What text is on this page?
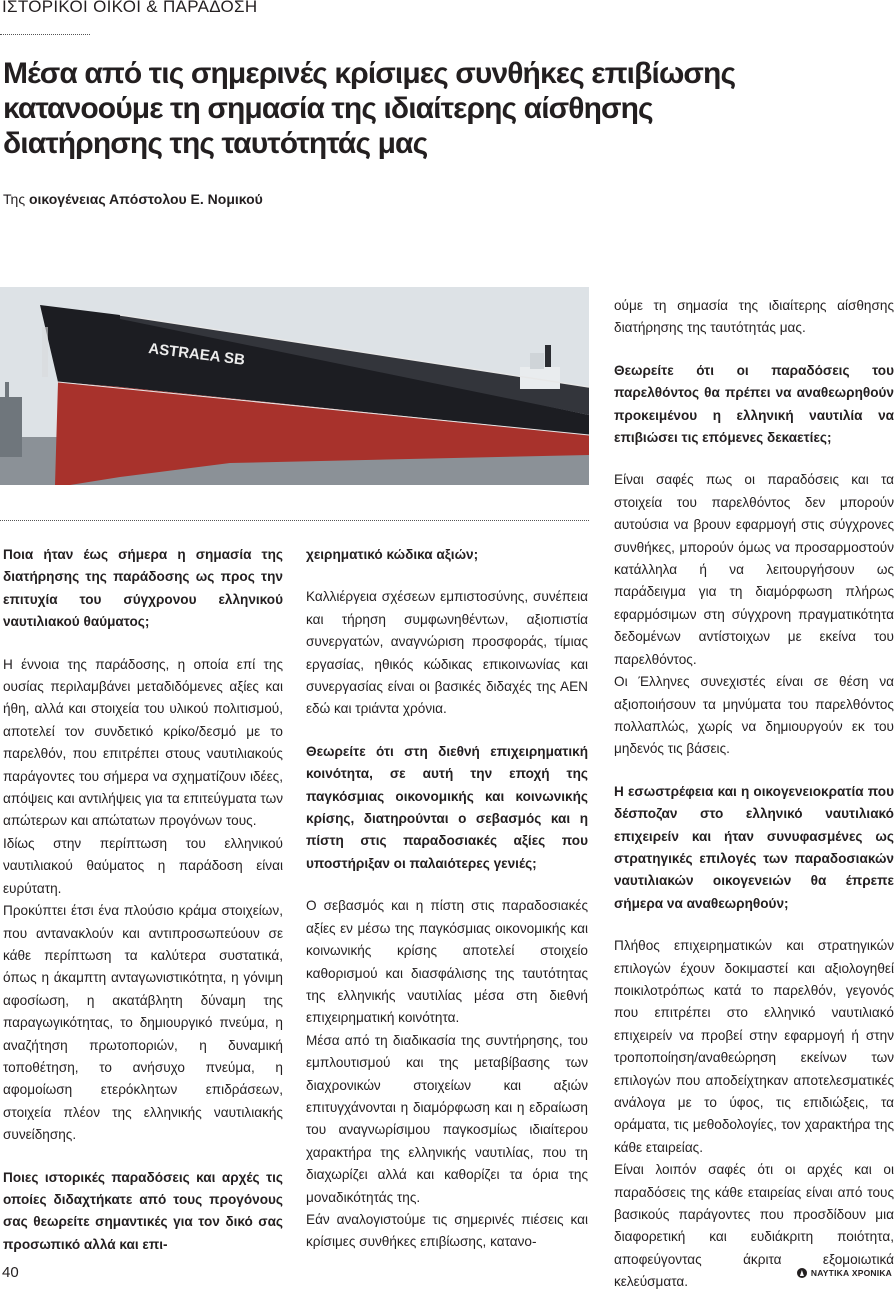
ΙΣΤΟΡΙΚΟΙ ΟΙΚΟΙ & ΠΑΡΑΔΟΣΗ
Μέσα από τις σημερινές κρίσιμες συνθήκες επιβίωσης
κατανοούμε τη σημασία της ιδιαίτερης αίσθησης
διατήρησης της ταυτότητάς μας
Της οικογένειας Απόστολου Ε. Νομικού
ASTRAEA SB

Ποια ήταν έως σήμερα η σημασία της διατήρησης της παράδοσης ως προς την επιτυχία του σύγχρονου ελληνικού ναυτιλιακού θαύματος;

Η έννοια της παράδοσης, η οποία επί της ουσίας περιλαμβάνει μεταδιδόμενες αξίες και ήθη, αλλά και στοιχεία του υλικού πολιτισμού, αποτελεί τον συνδετικό κρίκο/δεσμό με το παρελθόν, που επιτρέπει στους ναυτιλιακούς παράγοντες του σήμερα να σχηματίζουν ιδέες, απόψεις και αντιλήψεις για τα επιτεύγματα των απώτερων και απώτατων προγόνων τους.

Ιδίως στην περίπτωση του ελληνικού ναυτιλιακού θαύματος η παράδοση είναι ευρύτατη.

Προκύπτει έτσι ένα πλούσιο κράμα στοιχείων, που αντανακλούν και αντιπροσωπεύουν σε κάθε περίπτωση τα καλύτερα συστατικά, όπως η άκαμπτη ανταγωνιστικότητα, η γόνιμη αφοσίωση, η ακατάβλητη δύναμη της παραγωγικότητας, το δημιουργικό πνεύμα, η αναζήτηση πρωτοποριών, η δυναμική τοποθέτηση, το ανήσυχο πνεύμα, η αφομοίωση ετερόκλητων επιδράσεων, στοιχεία πλέον της ελληνικής ναυτιλιακής συνείδησης.

Ποιες ιστορικές παραδόσεις και αρχές τις οποίες διδαχτήκατε από τους προγόνους σας θεωρείτε σημαντικές για τον δικό σας προσωπικό αλλά και επι-

χειρηματικό κώδικα αξιών;

Καλλιέργεια σχέσεων εμπιστοσύνης, συνέπεια και τήρηση συμφωνηθέντων, αξιοπιστία συνεργατών, αναγνώριση προσφοράς, τίμιας εργασίας, ηθικός κώδικας επικοινωνίας και συνεργασίας είναι οι βασικές διδαχές της ΑΕΝ εδώ και τριάντα χρόνια.

Θεωρείτε ότι στη διεθνή επιχειρηματική κοινότητα, σε αυτή την εποχή της παγκόσμιας οικονομικής και κοινωνικής κρίσης, διατηρούνται ο σεβασμός και η πίστη στις παραδοσιακές αξίες που υποστήριξαν οι παλαιότερες γενιές;

Ο σεβασμός και η πίστη στις παραδοσιακές αξίες εν μέσω της παγκόσμιας οικονομικής και κοινωνικής κρίσης αποτελεί στοιχείο καθορισμού και διασφάλισης της ταυτότητας της ελληνικής ναυτιλίας μέσα στη διεθνή επιχειρηματική κοινότητα.

Μέσα από τη διαδικασία της συντήρησης, του εμπλουτισμού και της μεταβίβασης των διαχρονικών στοιχείων και αξιών επιτυγχάνονται η διαμόρφωση και η εδραίωση του αναγνωρίσιμου παγκοσμίως ιδιαίτερου χαρακτήρα της ελληνικής ναυτιλίας, που τη διαχωρίζει αλλά και καθορίζει τα όρια της μοναδικότητάς της.

Εάν αναλογιστούμε τις σημερινές πιέσεις και κρίσιμες συνθήκες επιβίωσης, κατανο-

ούμε τη σημασία της ιδιαίτερης αίσθησης διατήρησης της ταυτότητάς μας.

Θεωρείτε ότι οι παραδόσεις του παρελθόντος θα πρέπει να αναθεωρηθούν προκειμένου η ελληνική ναυτιλία να επιβιώσει τις επόμενες δεκαετίες;

Είναι σαφές πως οι παραδόσεις και τα στοιχεία του παρελθόντος δεν μπορούν αυτούσια να βρουν εφαρμογή στις σύγχρονες συνθήκες, μπορούν όμως να προσαρμοστούν κατάλληλα ή να λειτουργήσουν ως παράδειγμα για τη διαμόρφωση πλήρως εφαρμόσιμων στη σύγχρονη πραγματικότητα δεδομένων αντίστοιχων με εκείνα του παρελθόντος.

Οι Έλληνες συνεχιστές είναι σε θέση να αξιοποιήσουν τα μηνύματα του παρελθόντος πολλαπλώς, χωρίς να δημιουργούν εκ του μηδενός τις βάσεις.

Η εσωστρέφεια και η οικογενειοκρατία που δέσποζαν στο ελληνικό ναυτιλιακό επιχειρείν και ήταν συνυφασμένες ως στρατηγικές επιλογές των παραδοσιακών ναυτιλιακών οικογενειών θα έπρεπε σήμερα να αναθεωρηθούν;

Πλήθος επιχειρηματικών και στρατηγικών επιλογών έχουν δοκιμαστεί και αξιολογηθεί ποικιλοτρόπως κατά το παρελθόν, γεγονός που επιτρέπει στο ελληνικό ναυτιλιακό επιχειρείν να προβεί στην εφαρμογή ή στην τροποποίηση/αναθεώρηση εκείνων των επιλογών που αποδείχτηκαν αποτελεσματικές ανάλογα με το ύφος, τις επιδιώξεις, τα οράματα, τις μεθοδολογίες, τον χαρακτήρα της κάθε εταιρείας.

Είναι λοιπόν σαφές ότι οι αρχές και οι παραδόσεις της κάθε εταιρείας είναι από τους βασικούς παράγοντες που προσδίδουν μια διαφορετική και ευδιάκριτη ποιότητα, αποφεύγοντας άκριτα εξομοιωτικά κελεύσματα.

40	ΝΑΥΤΙΚΑ ΧΡΟΝΙΚΑ
